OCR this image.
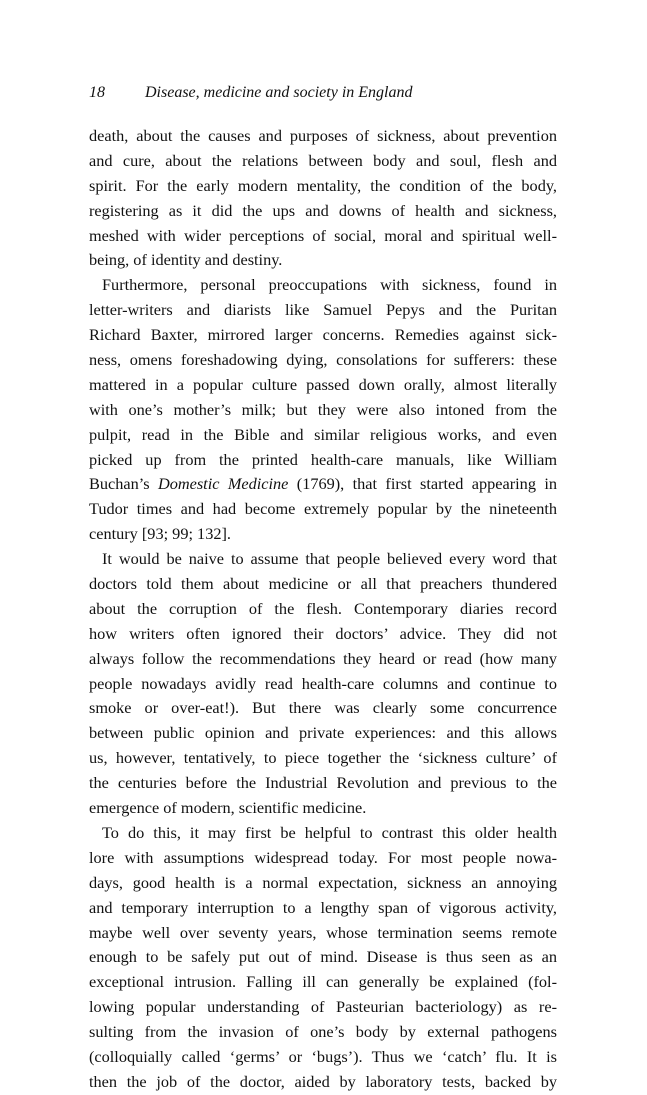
18	Disease, medicine and society in England
death, about the causes and purposes of sickness, about prevention
and cure, about the relations between body and soul, flesh and
spirit. For the early modern mentality, the condition of the body,
registering as it did the ups and downs of health and sickness,
meshed with wider perceptions of social, moral and spiritual well-
being, of identity and destiny.
Furthermore, personal preoccupations with sickness, found in
letter-writers and diarists like Samuel Pepys and the Puritan
Richard Baxter, mirrored larger concerns. Remedies against sick-
ness, omens foreshadowing dying, consolations for sufferers: these
mattered in a popular culture passed down orally, almost literally
with one’s mother’s milk; but they were also intoned from the
pulpit, read in the Bible and similar religious works, and even
picked up from the printed health-care manuals, like William
Buchan’s Domestic Medicine (1769), that first started appearing in
Tudor times and had become extremely popular by the nineteenth
century [93; 99; 132].
It would be naive to assume that people believed every word that
doctors told them about medicine or all that preachers thundered
about the corruption of the flesh. Contemporary diaries record
how writers often ignored their doctors’ advice. They did not
always follow the recommendations they heard or read (how many
people nowadays avidly read health-care columns and continue to
smoke or over-eat!). But there was clearly some concurrence
between public opinion and private experiences: and this allows
us, however, tentatively, to piece together the ‘sickness culture’ of
the centuries before the Industrial Revolution and previous to the
emergence of modern, scientific medicine.
To do this, it may first be helpful to contrast this older health
lore with assumptions widespread today. For most people nowa-
days, good health is a normal expectation, sickness an annoying
and temporary interruption to a lengthy span of vigorous activity,
maybe well over seventy years, whose termination seems remote
enough to be safely put out of mind. Disease is thus seen as an
exceptional intrusion. Falling ill can generally be explained (fol-
lowing popular understanding of Pasteurian bacteriology) as re-
sulting from the invasion of one’s body by external pathogens
(colloquially called ‘germs’ or ‘bugs’). Thus we ‘catch’ flu. It is
then the job of the doctor, aided by laboratory tests, backed by
